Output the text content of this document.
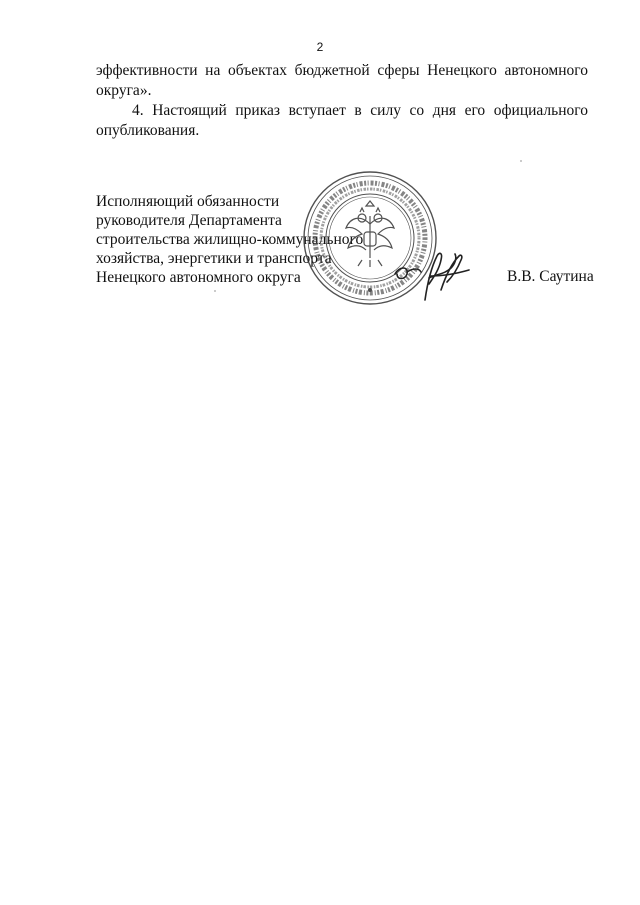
2
эффективности на объектах бюджетной сферы Ненецкого автономного округа».
4. Настоящий приказ вступает в силу со дня его официального опубликования.
Исполняющий обязанности
руководителя Департамента
строительства жилищно-коммунального
хозяйства, энергетики и транспорта
Ненецкого автономного округа	В.В. Саутина
